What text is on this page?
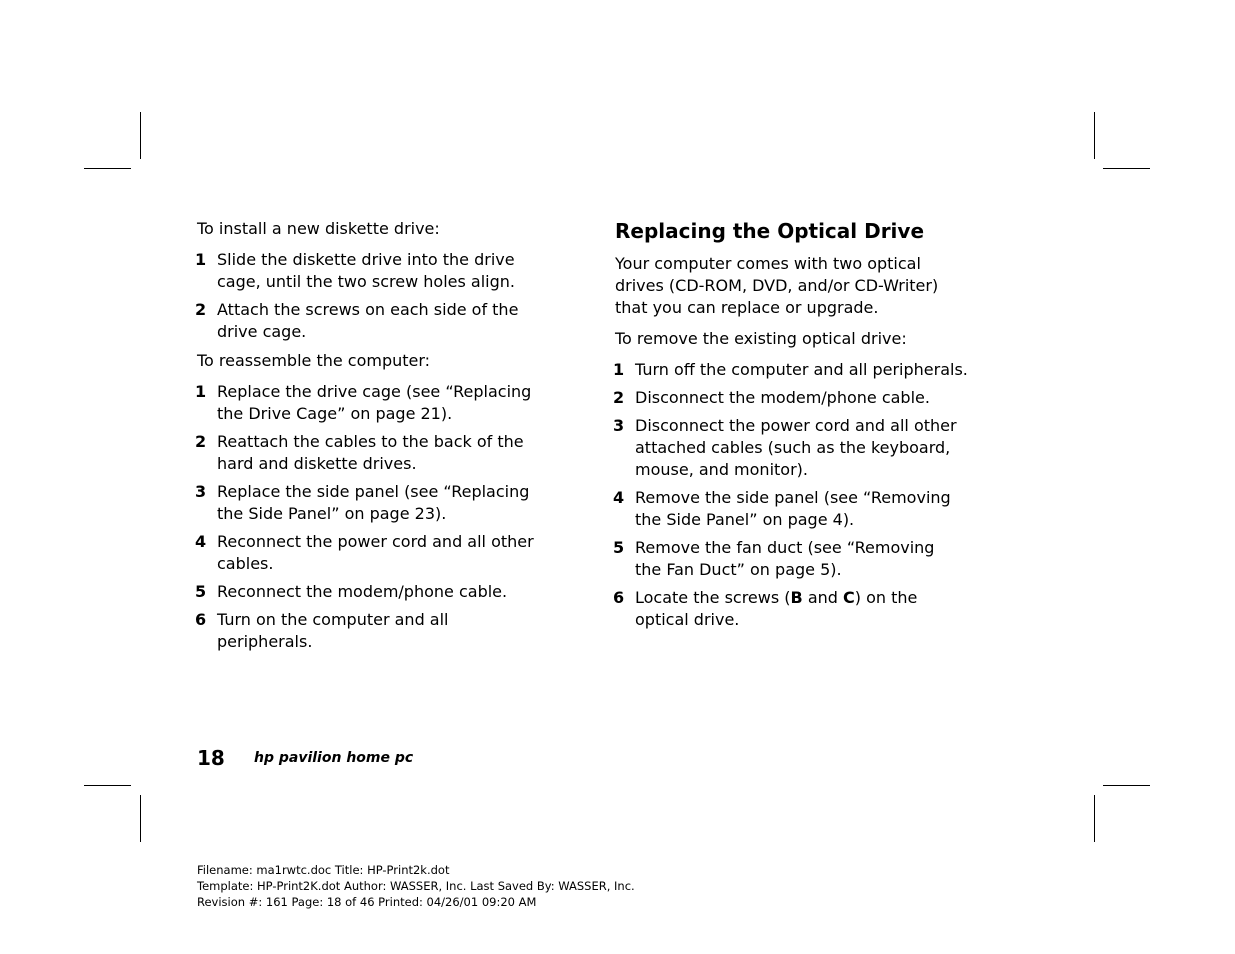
To install a new diskette drive:

1 Slide the diskette drive into the drive cage, until the two screw holes align.
2 Attach the screws on each side of the drive cage.

To reassemble the computer:

1 Replace the drive cage (see “Replacing the Drive Cage” on page 21).
2 Reattach the cables to the back of the hard and diskette drives.
3 Replace the side panel (see “Replacing the Side Panel” on page 23).
4 Reconnect the power cord and all other cables.
5 Reconnect the modem/phone cable.
6 Turn on the computer and all peripherals.
Replacing the Optical Drive

Your computer comes with two optical drives (CD-ROM, DVD, and/or CD-Writer) that you can replace or upgrade.

To remove the existing optical drive:

1 Turn off the computer and all peripherals.
2 Disconnect the modem/phone cable.
3 Disconnect the power cord and all other attached cables (such as the keyboard, mouse, and monitor).
4 Remove the side panel (see “Removing the Side Panel” on page 4).
5 Remove the fan duct (see “Removing the Fan Duct” on page 5).
6 Locate the screws (B and C) on the optical drive.
18 hp pavilion home pc
Filename: ma1rwtc.doc Title: HP-Print2k.dot
Template: HP-Print2K.dot Author: WASSER, Inc. Last Saved By: WASSER, Inc.
Revision #: 161 Page: 18 of 46 Printed: 04/26/01 09:20 AM
